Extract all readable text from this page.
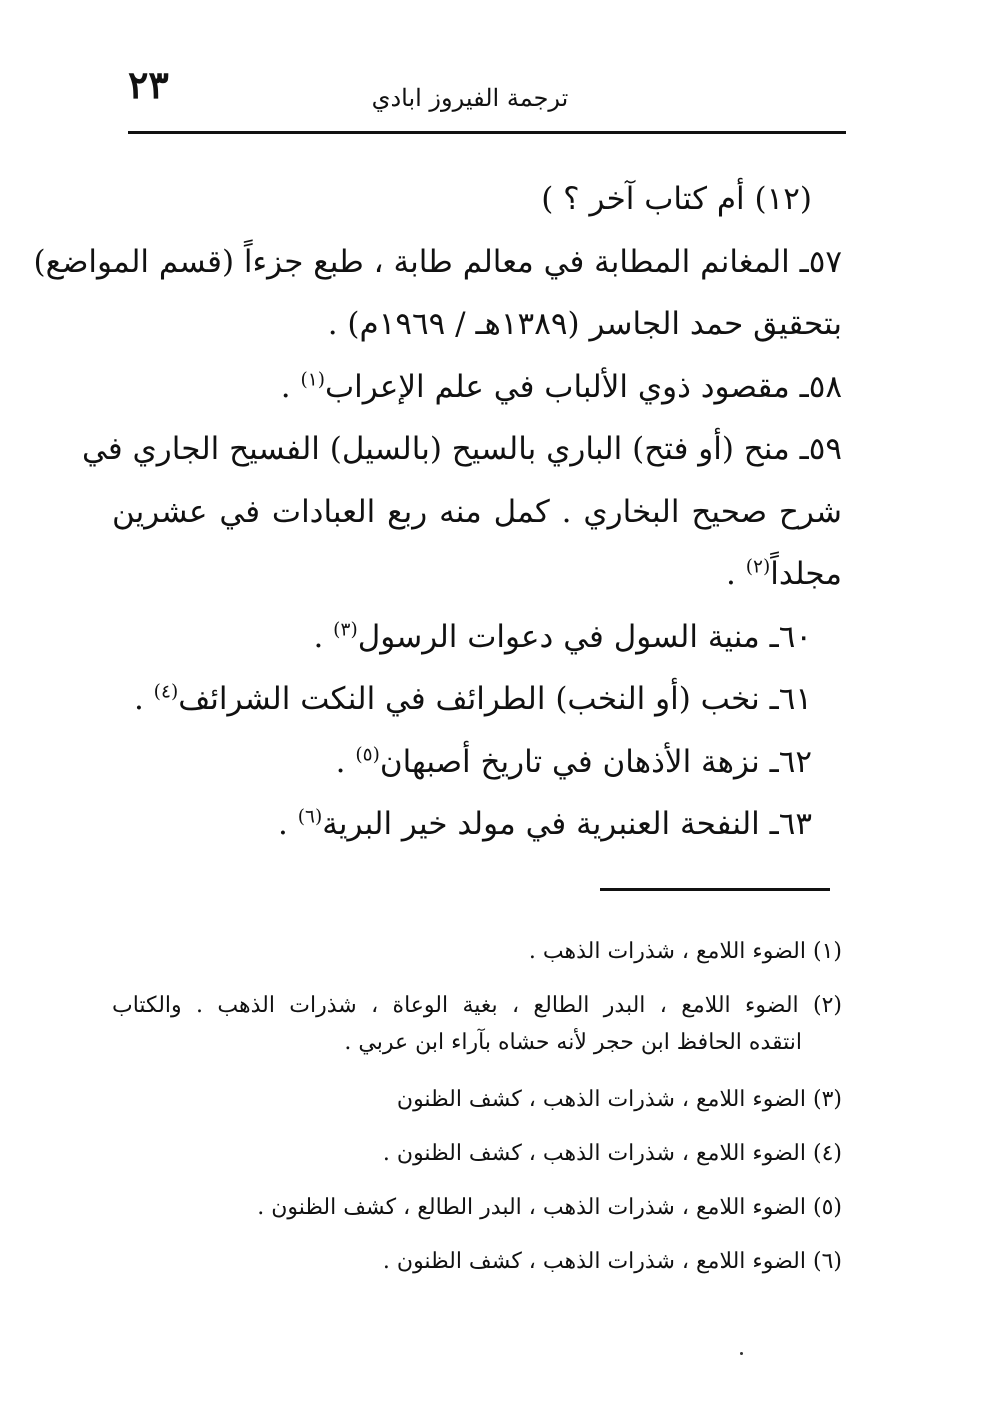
ترجمة الفيروز ابادي
٢٣
(١٢) أم كتاب آخر ؟ )
٥٧ـ المغانم المطابة في معالم طابة ، طبع جزءاً (قسم المواضع)
بتحقيق حمد الجاسر (١٣٨٩هـ / ١٩٦٩م) .
٥٨ـ مقصود ذوي الألباب في علم الإعراب$^{(١)}$ .
٥٩ـ منح (أو فتح) الباري بالسيح (بالسيل) الفسيح الجاري في
شرح صحيح البخاري . كمل منه ربع العبادات في عشرين
مجلداً$^{(٢)}$ .
٦٠ـ منية السول في دعوات الرسول$^{(٣)}$ .
٦١ـ نخب (أو النخب) الطرائف في النكت الشرائف$^{(٤)}$ .
٦٢ـ نزهة الأذهان في تاريخ أصبهان$^{(٥)}$ .
٦٣ـ النفحة العنبرية في مولد خير البرية$^{(٦)}$ .
(١) الضوء اللامع ، شذرات الذهب .
(٢) الضوء اللامع ، البدر الطالع ، بغية الوعاة ، شذرات الذهب . والكتاب
انتقده الحافظ ابن حجر لأنه حشاه بآراء ابن عربي .
(٣) الضوء اللامع ، شذرات الذهب ، كشف الظنون
(٤) الضوء اللامع ، شذرات الذهب ، كشف الظنون .
(٥) الضوء اللامع ، شذرات الذهب ، البدر الطالع ، كشف الظنون .
(٦) الضوء اللامع ، شذرات الذهب ، كشف الظنون .
